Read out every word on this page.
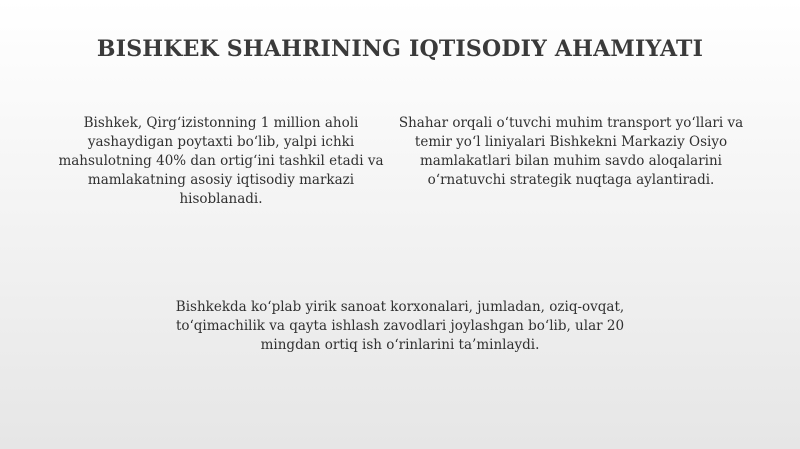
BISHKEK SHAHRINING IQTISODIY AHAMIYATI

Bishkek, Qirg‘izistonning 1 million aholi yashaydigan poytaxti bo‘lib, yalpi ichki mahsulotning 40% dan ortig‘ini tashkil etadi va mamlakatning asosiy iqtisodiy markazi hisoblanadi.

Shahar orqali o‘tuvchi muhim transport yo‘llari va temir yo‘l liniyalari Bishkekni Markaziy Osiyo mamlakatlari bilan muhim savdo aloqalarini o‘rnatuvchi strategik nuqtaga aylantiradi.

Bishkekda ko‘plab yirik sanoat korxonalari, jumladan, oziq-ovqat, to‘qimachilik va qayta ishlash zavodlari joylashgan bo‘lib, ular 20 mingdan ortiq ish o‘rinlarini ta’minlaydi.
